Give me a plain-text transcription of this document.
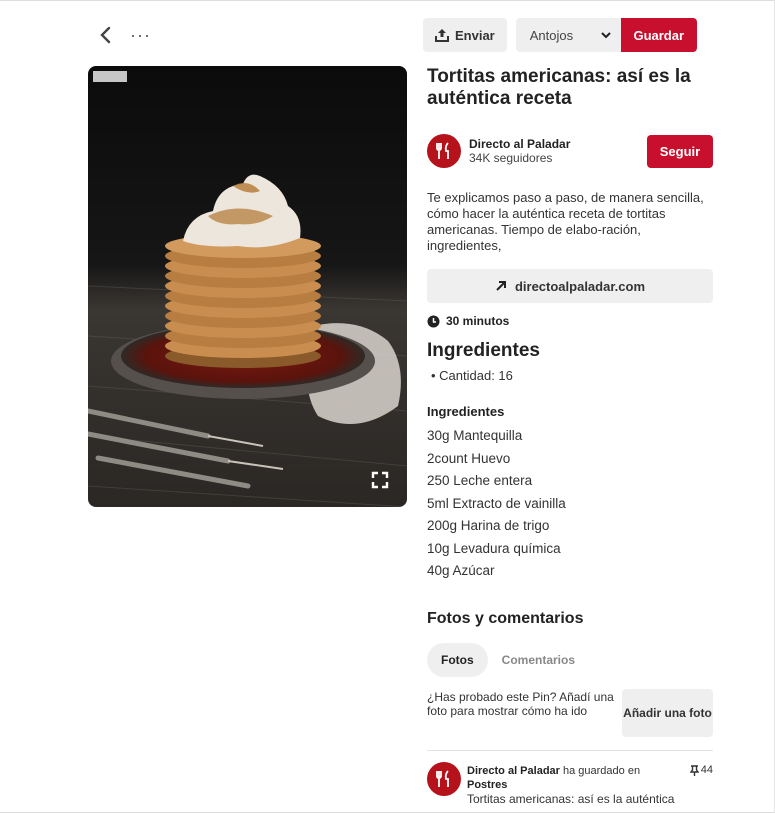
···	Enviar	Antojos	Guardar
Tortitas americanas: así es la auténtica receta
Directo al Paladar
34K seguidores	Seguir
Te explicamos paso a paso, de manera sencilla, cómo hacer la auténtica receta de tortitas americanas. Tiempo de elabo-ración, ingredientes,
directoalpaladar.com
30 minutos
Ingredientes
• Cantidad: 16
Ingredientes
30g Mantequilla
2count Huevo
250 Leche entera
5ml Extracto de vainilla
200g Harina de trigo
10g Levadura química
40g Azúcar
Fotos y comentarios
Fotos	Comentarios
¿Has probado este Pin? Añadí una foto para mostrar cómo ha ido	Añadir una foto
Directo al Paladar ha guardado en
Postres
Tortitas americanas: así es la auténtica
44
